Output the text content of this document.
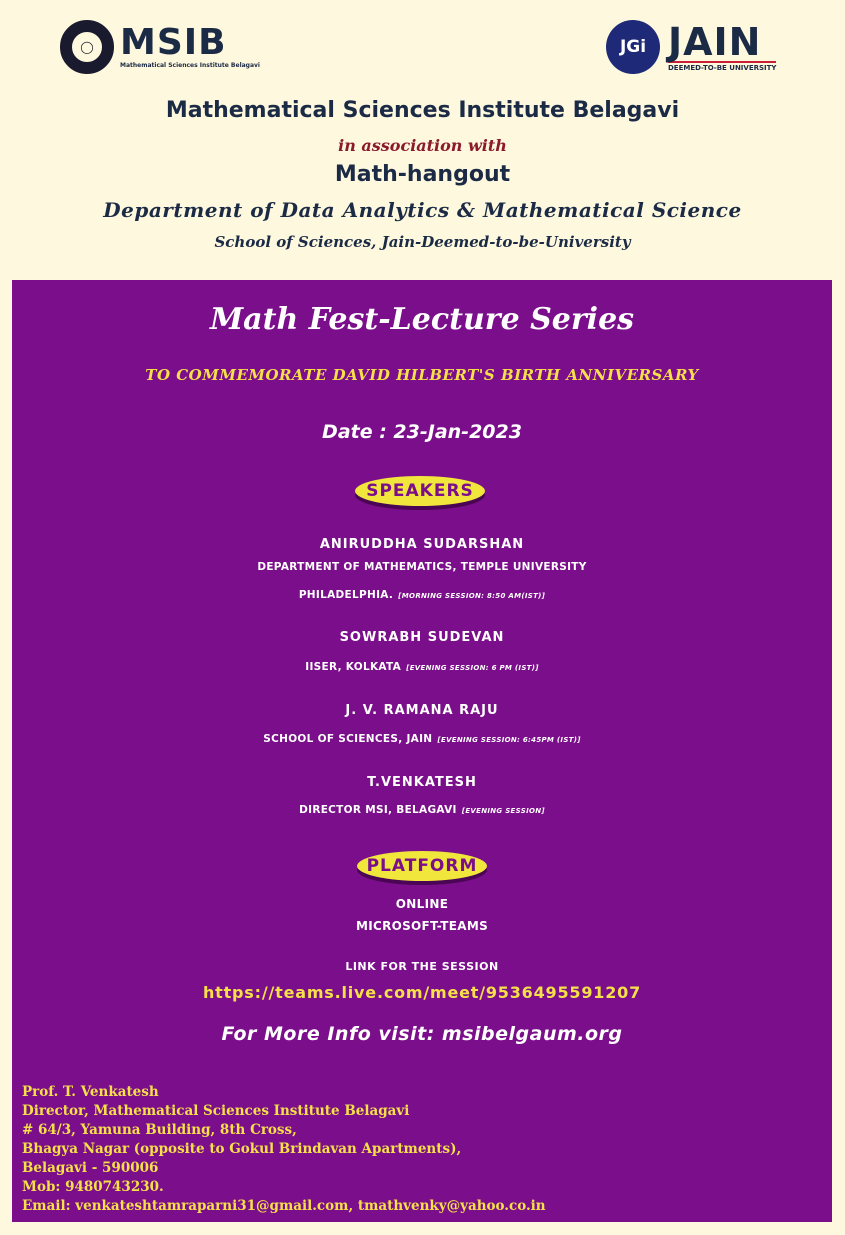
◯ MSIB
Mathematical Sciences Institute Belagavi
JGi JAIN
DEEMED-TO-BE UNIVERSITY
Mathematical Sciences Institute Belagavi
in association with
Math-hangout
Department of Data Analytics & Mathematical Science
School of Sciences, Jain-Deemed-to-be-University
Math Fest-Lecture Series
TO COMMEMORATE DAVID HILBERT'S BIRTH ANNIVERSARY
Date : 23-Jan-2023
SPEAKERS
ANIRUDDHA SUDARSHAN
DEPARTMENT OF MATHEMATICS, TEMPLE UNIVERSITY
PHILADELPHIA. [MORNING SESSION: 8:50 AM(IST)]
SOWRABH SUDEVAN
IISER, KOLKATA [EVENING SESSION: 6 PM (IST)]
J. V. RAMANA RAJU
SCHOOL OF SCIENCES, JAIN [EVENING SESSION: 6:45PM (IST)]
T.VENKATESH
DIRECTOR MSI, BELAGAVI [EVENING SESSION]
PLATFORM
ONLINE
MICROSOFT-TEAMS
LINK FOR THE SESSION
https://teams.live.com/meet/9536495591207
For More Info visit: msibelgaum.org
Prof. T. Venkatesh
Director, Mathematical Sciences Institute Belagavi
# 64/3, Yamuna Building, 8th Cross,
Bhagya Nagar (opposite to Gokul Brindavan Apartments),
Belagavi - 590006
Mob: 9480743230.
Email: venkateshtamraparni31@gmail.com, tmathvenky@yahoo.co.in
